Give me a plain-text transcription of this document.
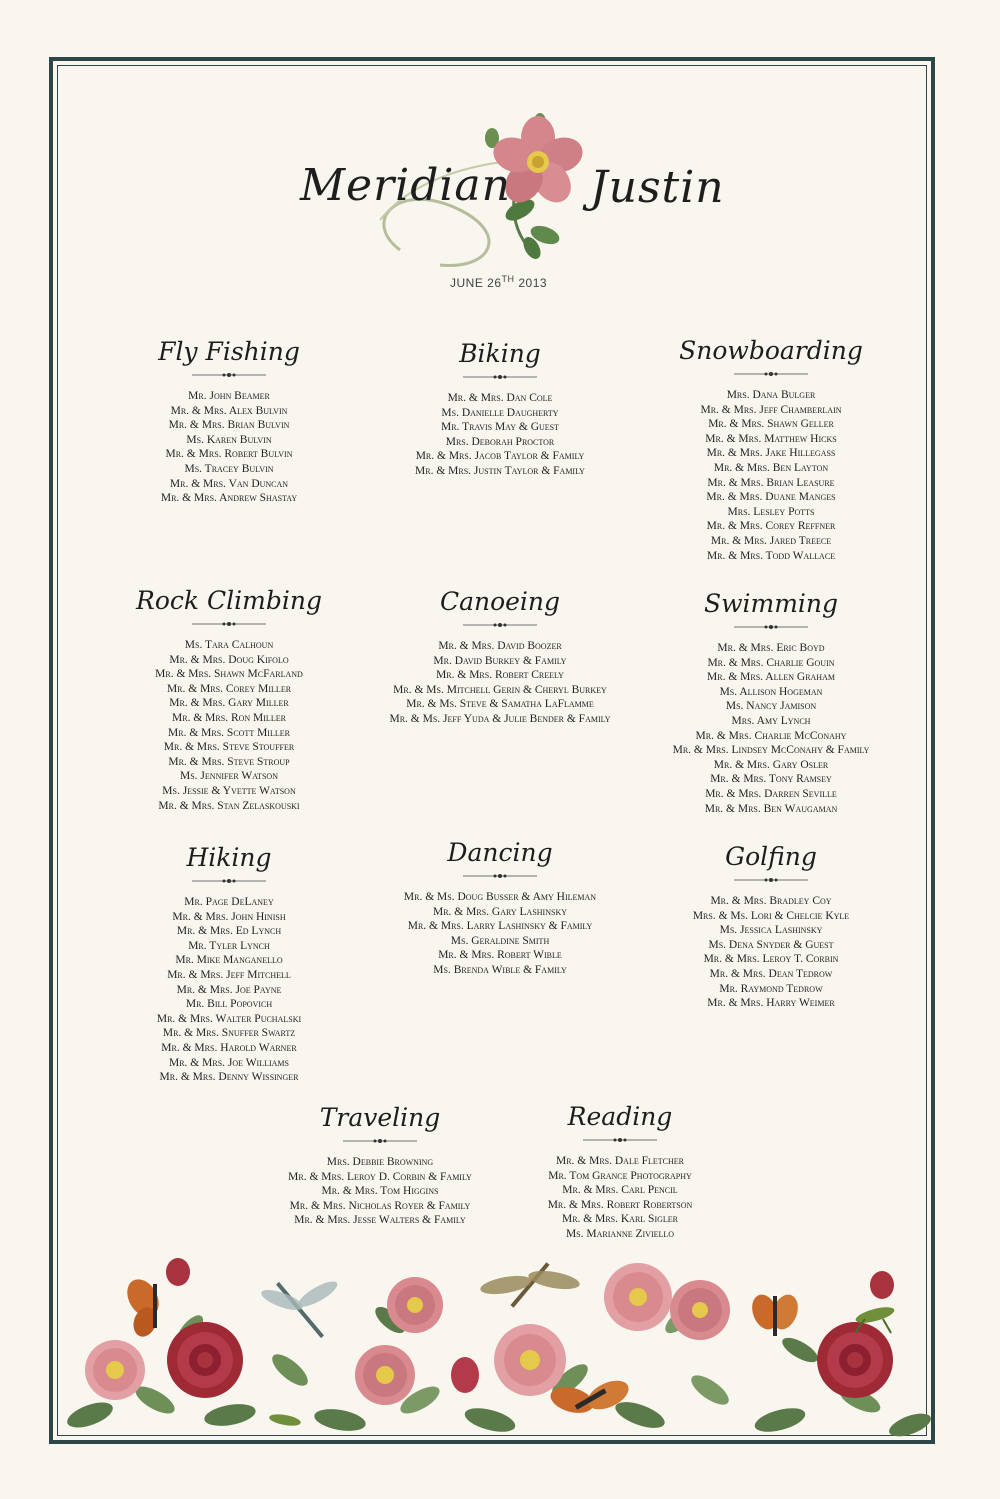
Meridian Justin
JUNE 26TH 2013
Fly Fishing
Mr. John Beamer
Mr. & Mrs. Alex Bulvin
Mr. & Mrs. Brian Bulvin
Ms. Karen Bulvin
Mr. & Mrs. Robert Bulvin
Ms. Tracey Bulvin
Mr. & Mrs. Van Duncan
Mr. & Mrs. Andrew Shastay
Biking
Mr. & Mrs. Dan Cole
Ms. Danielle Daugherty
Mr. Travis May & Guest
Mrs. Deborah Proctor
Mr. & Mrs. Jacob Taylor & Family
Mr. & Mrs. Justin Taylor & Family
Snowboarding
Mrs. Dana Bulger
Mr. & Mrs. Jeff Chamberlain
Mr. & Mrs. Shawn Geller
Mr. & Mrs. Matthew Hicks
Mr. & Mrs. Jake Hillegass
Mr. & Mrs. Ben Layton
Mr. & Mrs. Brian Leasure
Mr. & Mrs. Duane Manges
Mrs. Lesley Potts
Mr. & Mrs. Corey Reffner
Mr. & Mrs. Jared Treece
Mr. & Mrs. Todd Wallace
Rock Climbing
Ms. Tara Calhoun
Mr. & Mrs. Doug Kifolo
Mr. & Mrs. Shawn McFarland
Mr. & Mrs. Corey Miller
Mr. & Mrs. Gary Miller
Mr. & Mrs. Ron Miller
Mr. & Mrs. Scott Miller
Mr. & Mrs. Steve Stouffer
Mr. & Mrs. Steve Stroup
Ms. Jennifer Watson
Ms. Jessie & Yvette Watson
Mr. & Mrs. Stan Zelaskouski
Canoeing
Mr. & Mrs. David Boozer
Mr. David Burkey & Family
Mr. & Mrs. Robert Creely
Mr. & Ms. Mitchell Gerin & Cheryl Burkey
Mr. & Ms. Steve & Samatha LaFlamme
Mr. & Ms. Jeff Yuda & Julie Bender & Family
Swimming
Mr. & Mrs. Eric Boyd
Mr. & Mrs. Charlie Gouin
Mr. & Mrs. Allen Graham
Ms. Allison Hogeman
Ms. Nancy Jamison
Mrs. Amy Lynch
Mr. & Mrs. Charlie McConahy
Mr. & Mrs. Lindsey McConahy & Family
Mr. & Mrs. Gary Osler
Mr. & Mrs. Tony Ramsey
Mr. & Mrs. Darren Seville
Mr. & Mrs. Ben Waugaman
Hiking
Mr. Page DeLaney
Mr. & Mrs. John Hinish
Mr. & Mrs. Ed Lynch
Mr. Tyler Lynch
Mr. Mike Manganello
Mr. & Mrs. Jeff Mitchell
Mr. & Mrs. Joe Payne
Mr. Bill Popovich
Mr. & Mrs. Walter Puchalski
Mr. & Mrs. Snuffer Swartz
Mr. & Mrs. Harold Warner
Mr. & Mrs. Joe Williams
Mr. & Mrs. Denny Wissinger
Dancing
Mr. & Ms. Doug Busser & Amy Hileman
Mr. & Mrs. Gary Lashinsky
Mr. & Mrs. Larry Lashinsky & Family
Ms. Geraldine Smith
Mr. & Mrs. Robert Wible
Ms. Brenda Wible & Family
Golfing
Mr. & Mrs. Bradley Coy
Mrs. & Ms. Lori & Chelcie Kyle
Ms. Jessica Lashinsky
Ms. Dena Snyder & Guest
Mr. & Mrs. Leroy T. Corbin
Mr. & Mrs. Dean Tedrow
Mr. Raymond Tedrow
Mr. & Mrs. Harry Weimer
Traveling
Mrs. Debbie Browning
Mr. & Mrs. Leroy D. Corbin & Family
Mr. & Mrs. Tom Higgins
Mr. & Mrs. Nicholas Royer & Family
Mr. & Mrs. Jesse Walters & Family
Reading
Mr. & Mrs. Dale Fletcher
Mr. Tom Grance Photography
Mr. & Mrs. Carl Pencil
Mr. & Mrs. Robert Robertson
Mr. & Mrs. Karl Sigler
Ms. Marianne Ziviello
